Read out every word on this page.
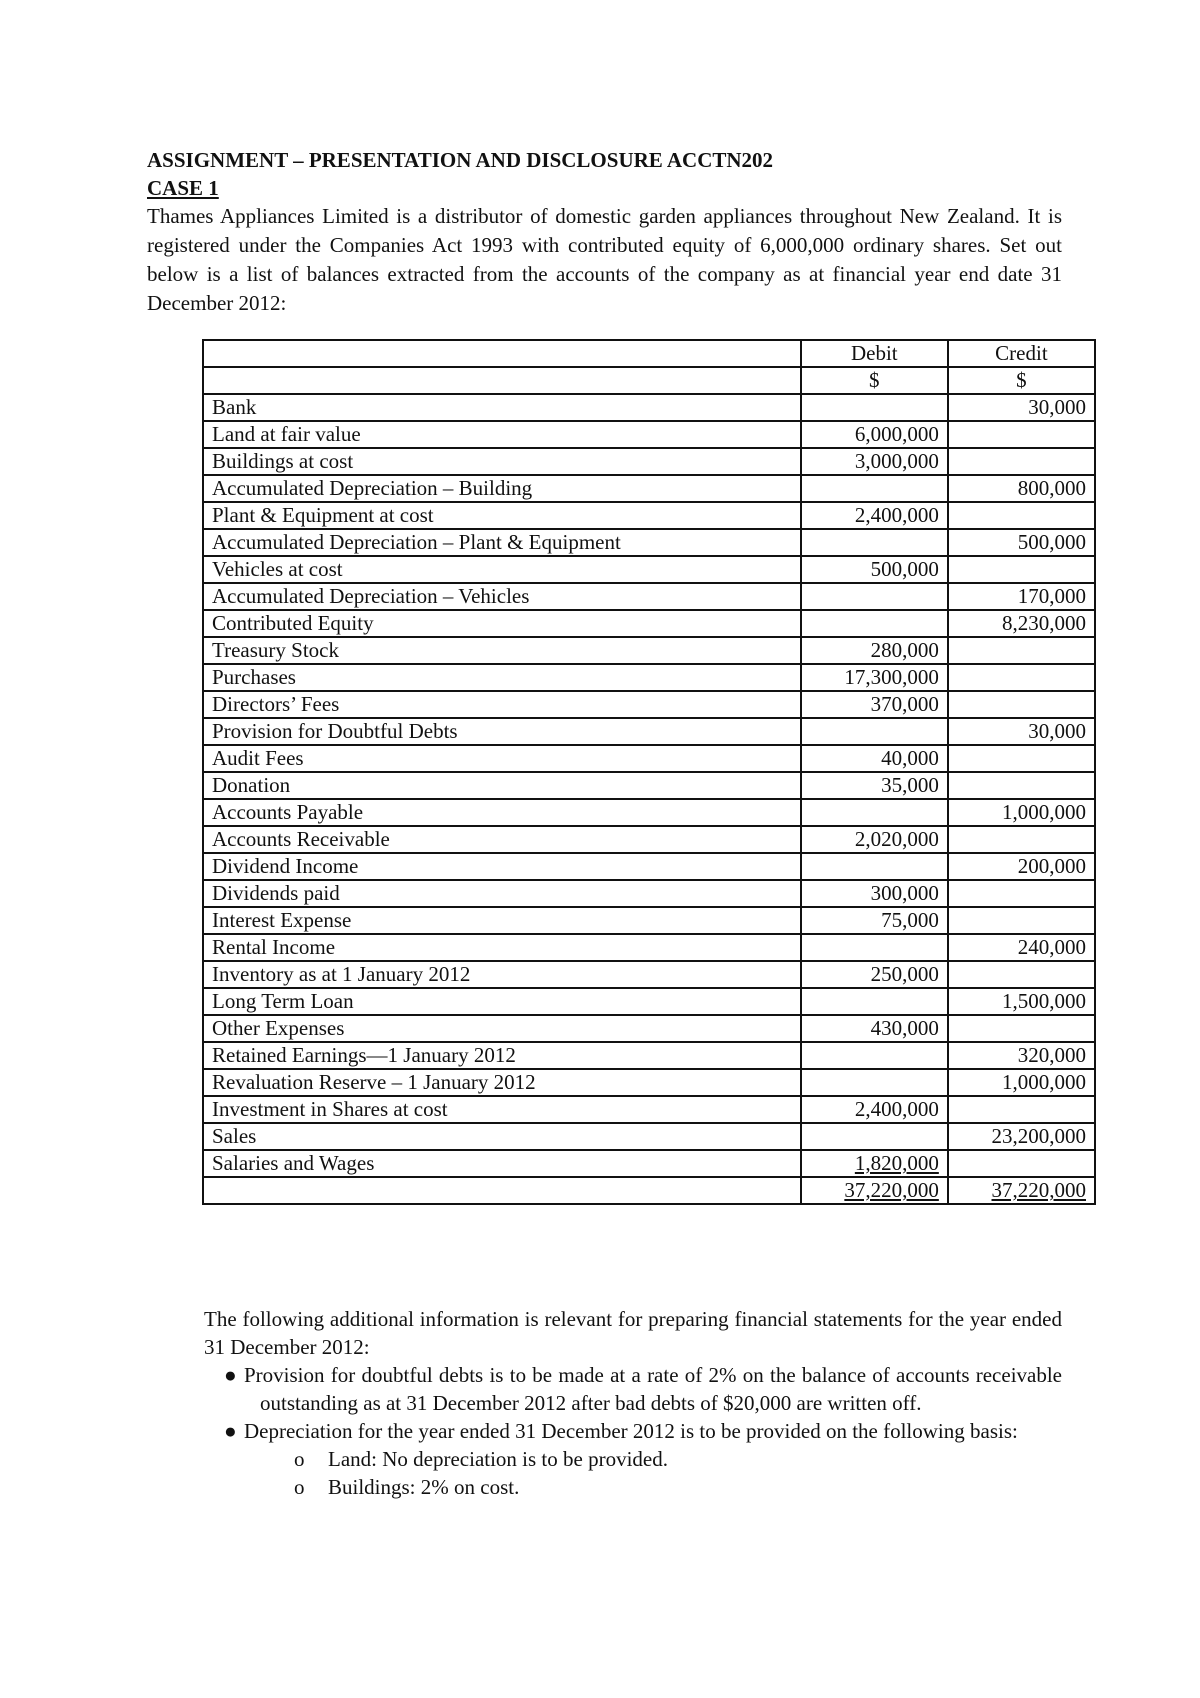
ASSIGNMENT – PRESENTATION AND DISCLOSURE ACCTN202

CASE 1

Thames Appliances Limited is a distributor of domestic garden appliances throughout New Zealand. It is registered under the Companies Act 1993 with contributed equity of 6,000,000 ordinary shares. Set out below is a list of balances extracted from the accounts of the company as at financial year end date 31 December 2012:

	Debit	Credit
	$	$
Bank		30,000
Land at fair value	6,000,000	
Buildings at cost	3,000,000	
Accumulated Depreciation – Building		800,000
Plant & Equipment at cost	2,400,000	
Accumulated Depreciation – Plant & Equipment		500,000
Vehicles at cost	500,000	
Accumulated Depreciation – Vehicles		170,000
Contributed Equity		8,230,000
Treasury Stock	280,000	
Purchases	17,300,000	
Directors’ Fees	370,000	
Provision for Doubtful Debts		30,000
Audit Fees	40,000	
Donation	35,000	
Accounts Payable		1,000,000
Accounts Receivable	2,020,000	
Dividend Income		200,000
Dividends paid	300,000	
Interest Expense	75,000	
Rental Income		240,000
Inventory as at 1 January 2012	250,000	
Long Term Loan		1,500,000
Other Expenses	430,000	
Retained Earnings—1 January 2012		320,000
Revaluation Reserve – 1 January 2012		1,000,000
Investment in Shares at cost	2,400,000	
Sales		23,200,000
Salaries and Wages	1,820,000	
	37,220,000	37,220,000

The following additional information is relevant for preparing financial statements for the year ended 31 December 2012:

● Provision for doubtful debts is to be made at a rate of 2% on the balance of accounts receivable outstanding as at 31 December 2012 after bad debts of $20,000 are written off.

● Depreciation for the year ended 31 December 2012 is to be provided on the following basis:

o Land: No depreciation is to be provided.

o Buildings: 2% on cost.
